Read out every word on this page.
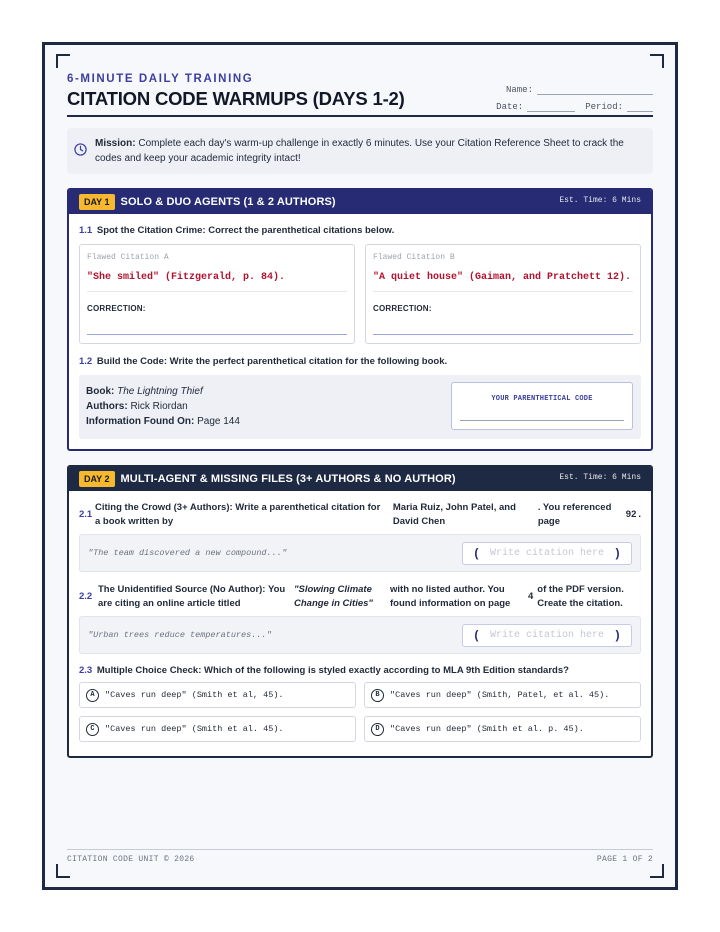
6-MINUTE DAILY TRAINING
CITATION CODE WARMUPS (DAYS 1-2)	Name:
Date:	Period:
Mission: Complete each day's warm-up challenge in exactly 6 minutes. Use your Citation Reference Sheet to crack the codes and keep your academic integrity intact!
DAY 1	SOLO & DUO AGENTS (1 & 2 AUTHORS)	Est. Time: 6 Mins
1.1 Spot the Citation Crime: Correct the parenthetical citations below.
Flawed Citation A
"She smiled" (Fitzgerald, p. 84).
CORRECTION:
Flawed Citation B
"A quiet house" (Gaiman, and Pratchett 12).
CORRECTION:
1.2 Build the Code: Write the perfect parenthetical citation for the following book.
Book: The Lightning Thief
Authors: Rick Riordan
Information Found On: Page 144
YOUR PARENTHETICAL CODE
DAY 2	MULTI-AGENT & MISSING FILES (3+ AUTHORS & NO AUTHOR)	Est. Time: 6 Mins
2.1
Citing the Crowd (3+ Authors): Write a parenthetical citation for a book written by
Maria Ruiz, John Patel, and David Chen
. You referenced page
92 .
"The team discovered a new compound..."	( Write citation here )
2.2
The Unidentified Source (No Author): You are citing an online article titled
"Slowing Climate Change in Cities"
with no listed author. You found information on page
4
of the PDF version. Create the citation.
"Urban trees reduce temperatures..."	( Write citation here )
2.3 Multiple Choice Check: Which of the following is styled exactly according to MLA 9th Edition standards?
A	"Caves run deep" (Smith et al, 45).	B	"Caves run deep" (Smith, Patel, et al. 45).
C	"Caves run deep" (Smith et al. 45).	D	"Caves run deep" (Smith et al. p. 45).
CITATION CODE UNIT © 2026	PAGE 1 OF 2
